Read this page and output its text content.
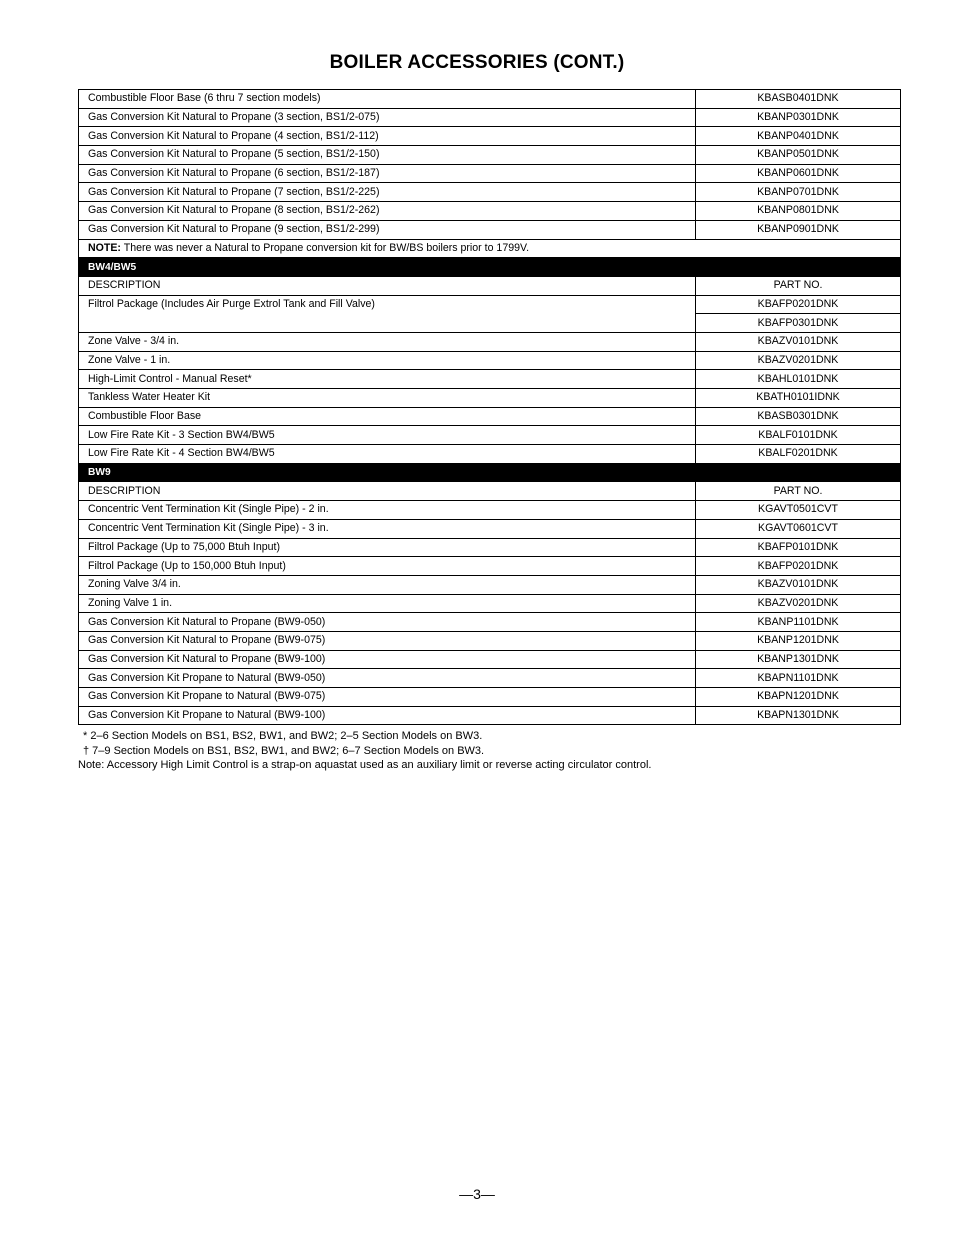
BOILER ACCESSORIES (CONT.)
Combustible Floor Base (6 thru 7 section models)	KBASB0401DNK
Gas Conversion Kit Natural to Propane (3 section, BS1/2-075)	KBANP0301DNK
Gas Conversion Kit Natural to Propane (4 section, BS1/2-112)	KBANP0401DNK
Gas Conversion Kit Natural to Propane (5 section, BS1/2-150)	KBANP0501DNK
Gas Conversion Kit Natural to Propane (6 section, BS1/2-187)	KBANP0601DNK
Gas Conversion Kit Natural to Propane (7 section, BS1/2-225)	KBANP0701DNK
Gas Conversion Kit Natural to Propane (8 section, BS1/2-262)	KBANP0801DNK
Gas Conversion Kit Natural to Propane (9 section, BS1/2-299)	KBANP0901DNK
NOTE: There was never a Natural to Propane conversion kit for BW/BS boilers prior to 1799V.	
BW4/BW5	
DESCRIPTION	PART NO.
Filtrol Package (Includes Air Purge Extrol Tank and Fill Valve)	KBAFP0201DNK
	KBAFP0301DNK
Zone Valve - 3/4 in.	KBAZV0101DNK
Zone Valve - 1 in.	KBAZV0201DNK
High-Limit Control - Manual Reset*	KBAHL0101DNK
Tankless Water Heater Kit	KBATH0101IDNK
Combustible Floor Base	KBASB0301DNK
Low Fire Rate Kit - 3 Section BW4/BW5	KBALF0101DNK
Low Fire Rate Kit - 4 Section BW4/BW5	KBALF0201DNK
BW9	
DESCRIPTION	PART NO.
Concentric Vent Termination Kit (Single Pipe) - 2 in.	KGAVT0501CVT
Concentric Vent Termination Kit (Single Pipe) - 3 in.	KGAVT0601CVT
Filtrol Package (Up to 75,000 Btuh Input)	KBAFP0101DNK
Filtrol Package (Up to 150,000 Btuh Input)	KBAFP0201DNK
Zoning Valve 3/4 in.	KBAZV0101DNK
Zoning Valve 1 in.	KBAZV0201DNK
Gas Conversion Kit Natural to Propane (BW9-050)	KBANP1101DNK
Gas Conversion Kit Natural to Propane (BW9-075)	KBANP1201DNK
Gas Conversion Kit Natural to Propane (BW9-100)	KBANP1301DNK
Gas Conversion Kit Propane to Natural (BW9-050)	KBAPN1101DNK
Gas Conversion Kit Propane to Natural (BW9-075)	KBAPN1201DNK
Gas Conversion Kit Propane to Natural (BW9-100)	KBAPN1301DNK
* 2–6 Section Models on BS1, BS2, BW1, and BW2; 2–5 Section Models on BW3.
† 7–9 Section Models on BS1, BS2, BW1, and BW2; 6–7 Section Models on BW3.
Note: Accessory High Limit Control is a strap-on aquastat used as an auxiliary limit or reverse acting circulator control.
—3—
